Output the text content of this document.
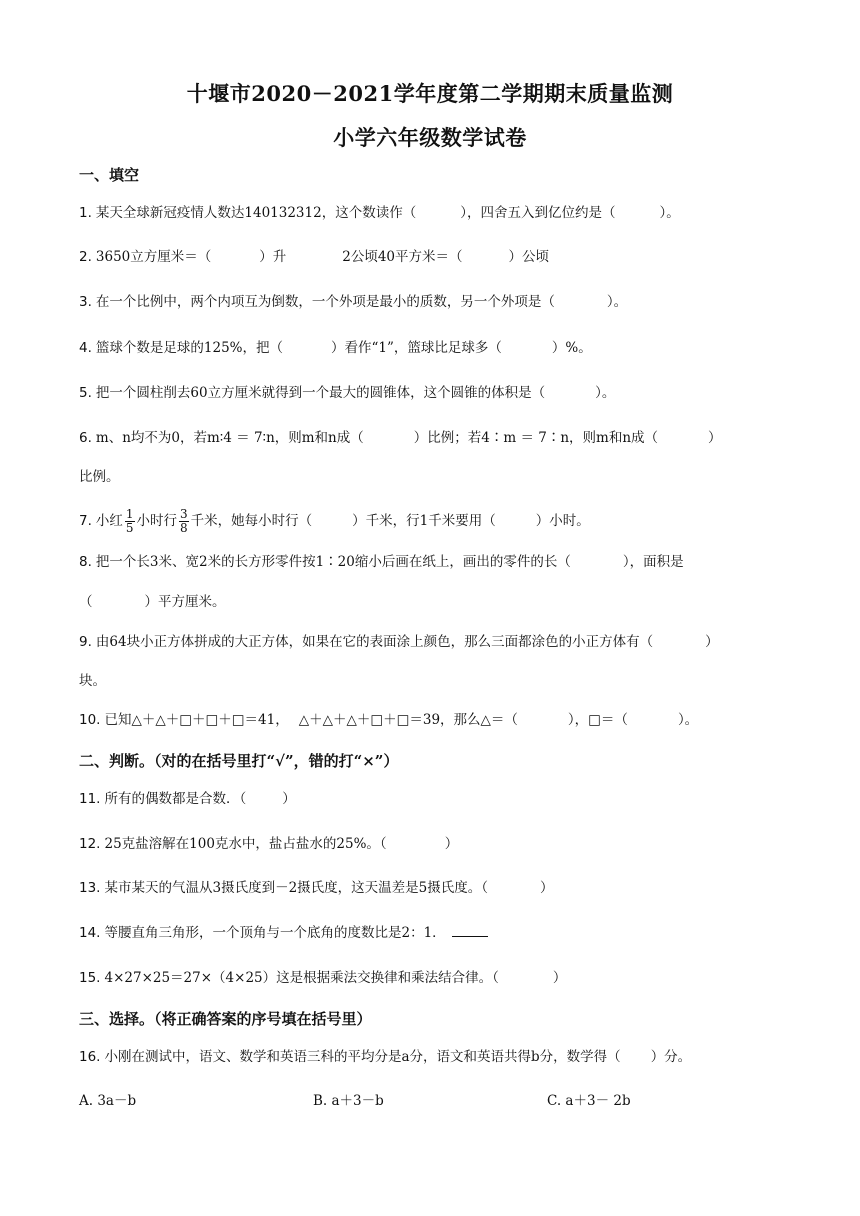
十堰市2020－2021学年度第二学期期末质量监测
小学六年级数学试卷
一、填空
1. 某天全球新冠疫情人数达140132312，这个数读作（	），四舍五入到亿位约是（	）。
2. 3650立方厘米＝（	）升	2公顷40平方米＝（	）公顷
3. 在一个比例中，两个内项互为倒数，一个外项是最小的质数，另一个外项是（	）。
4. 篮球个数是足球的125%，把（	）看作“1”，篮球比足球多（	）%。
5. 把一个圆柱削去60立方厘米就得到一个最大的圆锥体，这个圆锥的体积是（	）。
6. m、n均不为0，若m∶4 ＝ 7∶n，则m和n成（	）比例；若4∶m ＝ 7∶n，则m和n成（	）
比例。
7. 小红 $\frac{1}{5}$ 小时行 $\frac{3}{8}$ 千米，她每小时行（	）千米，行1千米要用（	）小时。
8. 把一个长3米、宽2米的长方形零件按1∶20缩小后画在纸上，画出的零件的长（	），面积是
（	）平方厘米。
9. 由64块小正方体拼成的大正方体，如果在它的表面涂上颜色，那么三面都涂色的小正方体有（	）
块。
10. 已知△＋△＋□＋□＋□＝41， △＋△＋△＋□＋□＝39，那么△＝（	），□＝（	）。
二、判断。（对的在括号里打“√”，错的打“×”）
11. 所有的偶数都是合数．（	）
12. 25克盐溶解在100克水中，盐占盐水的25%。（	）
13. 某市某天的气温从3摄氏度到－2摄氏度，这天温差是5摄氏度。（	）
14. 等腰直角三角形，一个顶角与一个底角的度数比是2：1．
15. 4×27×25＝27×（4×25）这是根据乘法交换律和乘法结合律。（	）
三、选择。（将正确答案的序号填在括号里）
16. 小刚在测试中，语文、数学和英语三科的平均分是a分，语文和英语共得b分，数学得（ ）分。
A. 3a－b	B. a＋3－b	C. a＋3－ 2b
